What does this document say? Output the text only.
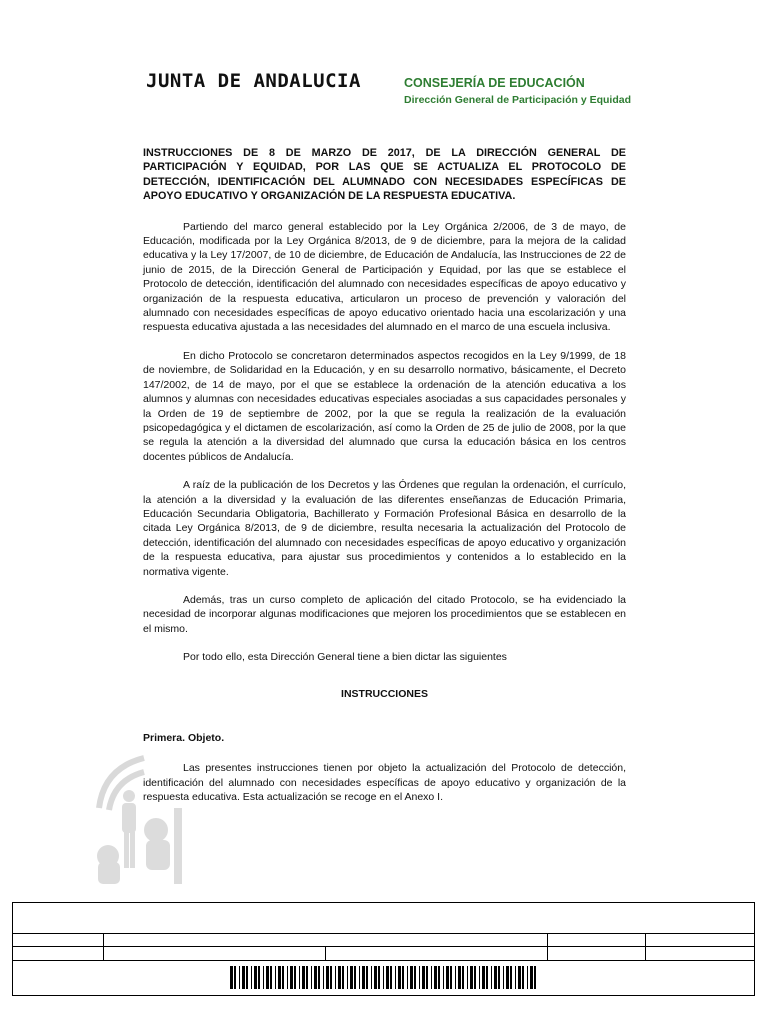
JUNTA DE ANDALUCIA	CONSEJERÍA DE EDUCACIÓN
Dirección General de Participación y Equidad

INSTRUCCIONES DE 8 DE MARZO DE 2017, DE LA DIRECCIÓN GENERAL DE PARTICIPACIÓN Y EQUIDAD, POR LAS QUE SE ACTUALIZA EL PROTOCOLO DE DETECCIÓN, IDENTIFICACIÓN DEL ALUMNADO CON NECESIDADES ESPECÍFICAS DE APOYO EDUCATIVO Y ORGANIZACIÓN DE LA RESPUESTA EDUCATIVA.

Partiendo del marco general establecido por la Ley Orgánica 2/2006, de 3 de mayo, de Educación, modificada por la Ley Orgánica 8/2013, de 9 de diciembre, para la mejora de la calidad educativa y la Ley 17/2007, de 10 de diciembre, de Educación de Andalucía, las Instrucciones de 22 de junio de 2015, de la Dirección General de Participación y Equidad, por las que se establece el Protocolo de detección, identificación del alumnado con necesidades específicas de apoyo educativo y organización de la respuesta educativa, articularon un proceso de prevención y valoración del alumnado con necesidades específicas de apoyo educativo orientado hacia una escolarización y una respuesta educativa ajustada a las necesidades del alumnado en el marco de una escuela inclusiva.

En dicho Protocolo se concretaron determinados aspectos recogidos en la Ley 9/1999, de 18 de noviembre, de Solidaridad en la Educación, y en su desarrollo normativo, básicamente, el Decreto 147/2002, de 14 de mayo, por el que se establece la ordenación de la atención educativa a los alumnos y alumnas con necesidades educativas especiales asociadas a sus capacidades personales y la Orden de 19 de septiembre de 2002, por la que se regula la realización de la evaluación psicopedagógica y el dictamen de escolarización, así como la Orden de 25 de julio de 2008, por la que se regula la atención a la diversidad del alumnado que cursa la educación básica en los centros docentes públicos de Andalucía.

A raíz de la publicación de los Decretos y las Órdenes que regulan la ordenación, el currículo, la atención a la diversidad y la evaluación de las diferentes enseñanzas de Educación Primaria, Educación Secundaria Obligatoria, Bachillerato y Formación Profesional Básica en desarrollo de la citada Ley Orgánica 8/2013, de 9 de diciembre, resulta necesaria la actualización del Protocolo de detección, identificación del alumnado con necesidades específicas de apoyo educativo y organización de la respuesta educativa, para ajustar sus procedimientos y contenidos a lo establecido en la normativa vigente.

Además, tras un curso completo de aplicación del citado Protocolo, se ha evidenciado la necesidad de incorporar algunas modificaciones que mejoren los procedimientos que se establecen en el mismo.

Por todo ello, esta Dirección General tiene a bien dictar las siguientes

INSTRUCCIONES

Primera. Objeto.

Las presentes instrucciones tienen por objeto la actualización del Protocolo de detección, identificación del alumnado con necesidades específicas de apoyo educativo y organización de la respuesta educativa. Esta actualización se recoge en el Anexo I.
